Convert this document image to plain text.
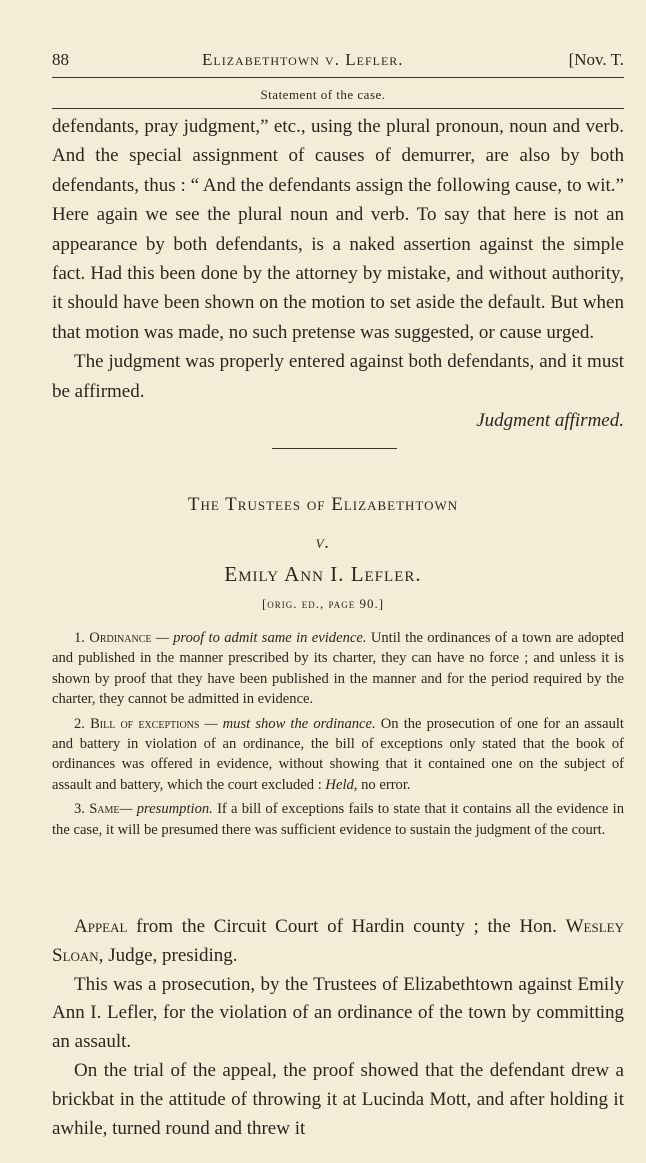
88	Elizabethtown v. Lefler.	[Nov. T.
Statement of the case.

defendants, pray judgment,” etc., using the plural pronoun, noun and verb. And the special assignment of causes of demurrer, are also by both defendants, thus : “ And the defendants assign the following cause, to wit.” Here again we see the plural noun and verb. To say that here is not an appearance by both defendants, is a naked assertion against the simple fact. Had this been done by the attorney by mistake, and without authority, it should have been shown on the motion to set aside the default. But when that motion was made, no such pretense was suggested, or cause urged.

The judgment was properly entered against both defendants, and it must be affirmed.

Judgment affirmed.

The Trustees of Elizabethtown
v.
Emily Ann I. Lefler.
[orig. ed., page 90.]

1. Ordinance — proof to admit same in evidence. Until the ordinances of a town are adopted and published in the manner prescribed by its charter, they can have no force ; and unless it is shown by proof that they have been published in the manner and for the period required by the charter, they cannot be admitted in evidence.

2. Bill of exceptions — must show the ordinance. On the prosecution of one for an assault and battery in violation of an ordinance, the bill of exceptions only stated that the book of ordinances was offered in evidence, without showing that it contained one on the subject of assault and battery, which the court excluded : Held, no error.

3. Same— presumption. If a bill of exceptions fails to state that it contains all the evidence in the case, it will be presumed there was sufficient evidence to sustain the judgment of the court.

Appeal from the Circuit Court of Hardin county ; the Hon. Wesley Sloan, Judge, presiding.

This was a prosecution, by the Trustees of Elizabethtown against Emily Ann I. Lefler, for the violation of an ordinance of the town by committing an assault.

On the trial of the appeal, the proof showed that the defendant drew a brickbat in the attitude of throwing it at Lucinda Mott, and after holding it awhile, turned round and threw it
